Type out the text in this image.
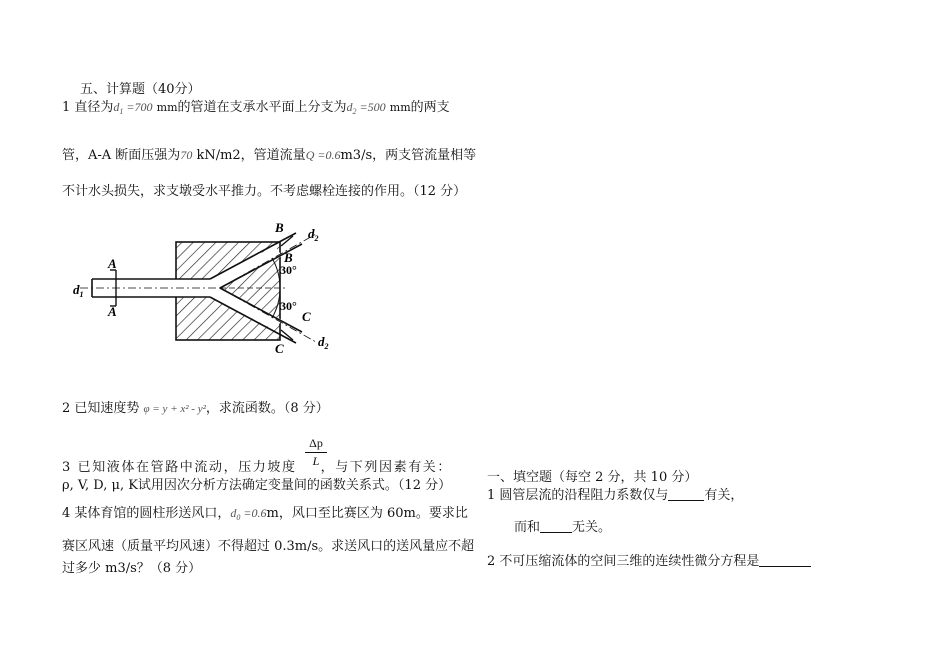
五、计算题（40分）
1 直径为$d_1 =700$ mm的管道在支承水平面上分支为$d_2 =500$ mm的两支
管，A-A 断面压强为70 kN/m2，管道流量Q =0.6m3/s，两支管流量相等
不计水头损失，求支墩受水平推力。不考虑螺栓连接的作用。（12 分）
A
A
$d_1$
B
B
$d_2$
30°
30°
C
C	$d_2$
2 已知速度势 φ = y + x² - y²，求流函数。（8 分）
$\frac{\Delta p}{L}$
3 已知液体在管路中流动，压力坡度 ，与下列因素有关：
ρ, V, D, μ, K试用因次分析方法确定变量间的函数关系式。（12 分）
4 某体育馆的圆柱形送风口，$d_0 =0.6m$，风口至比赛区为 60m。要求比
赛区风速（质量平均风速）不得超过 0.3m/s。求送风口的送风量应不超
过多少 m3/s？（8 分）
一、填空题（每空 2 分，共 10 分）
1 圆管层流的沿程阻力系数仅与	有关，
而和 无关。
2 不可压缩流体的空间三维的连续性微分方程是
